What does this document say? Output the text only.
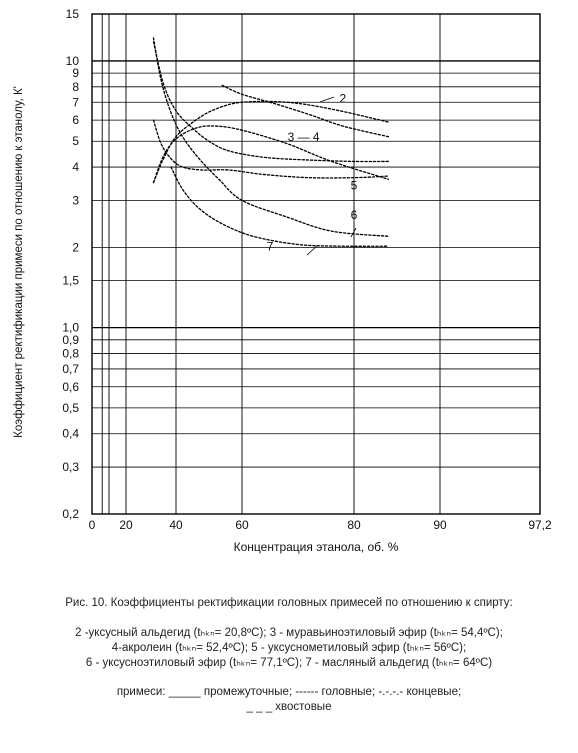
0,2
0,3
0,4
0,5
0,6
0,7
0,8
0,9
1,0
1,5
2
3
4
5
6
7
8
9
10
15
0 20	40	60	80	90	97,2
2
3 — 4
5
6
7
Коэффициент ректификации примеси по отношению к этанолу, К'
Концентрация этанола, об. %
Рис. 10. Коэффициенты ректификации головных примесей по отношению к спирту:
2 -уксусный альдегид (tₕₖₙ= 20,8ºC); 3 - муравьиноэтиловый эфир (tₕₖₙ= 54,4ºC);
4-акролеин (tₕₖₙ= 52,4ºC); 5 - уксуснометиловый эфир (tₕₖₙ= 56ºC);
6 - уксусноэтиловый эфир (tₕₖₙ= 77,1ºC); 7 - масляный альдегид (tₕₖₙ= 64ºC)
примеси: _____ промежуточные; ------ головные; -.-.-.- концевые;
_ _ _ хвостовые
